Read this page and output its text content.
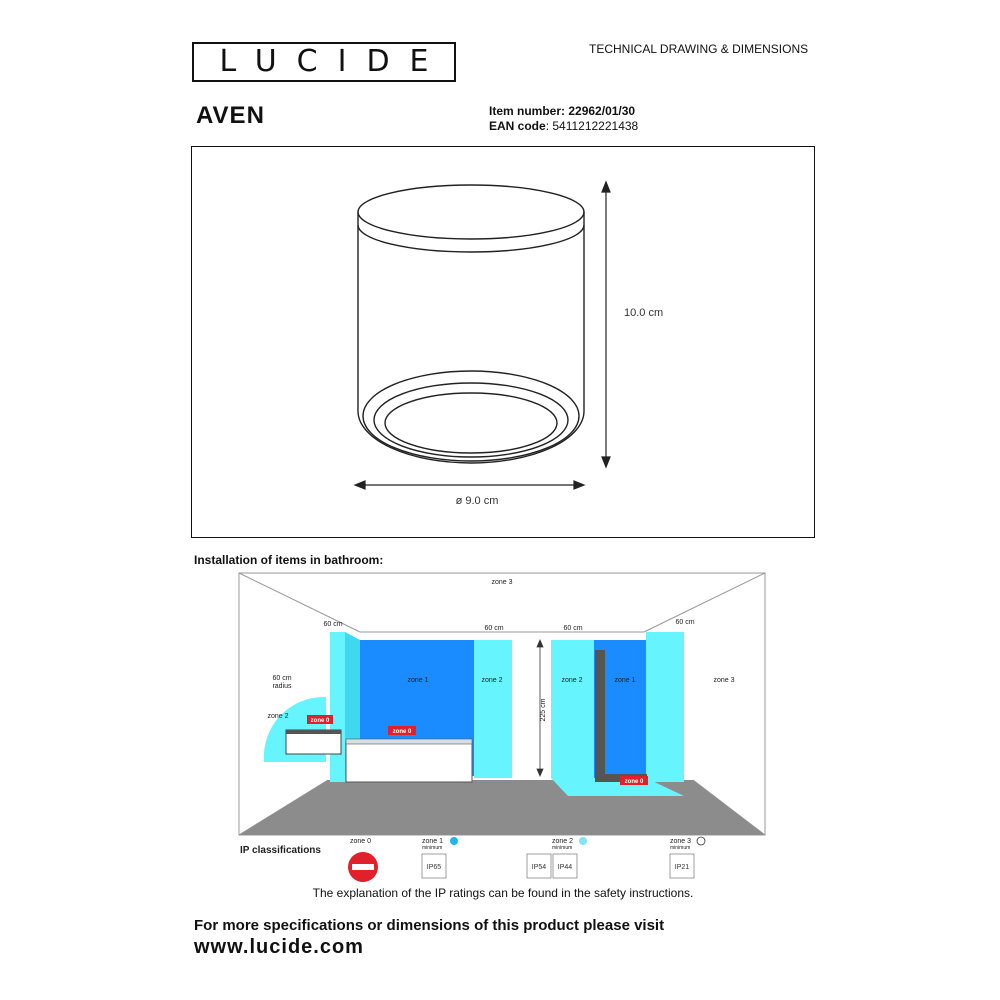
LUCIDE	TECHNICAL DRAWING & DIMENSIONS
AVEN	Item number: 22962/01/30
EAN code: 5411212221438
10.0 cm
ø 9.0 cm
Installation of items in bathroom:
zone 3
zone 3
60 cm
60 cm	60 cm
60 cm
60 cm
radius
zone 1	zone 2
zone 2
zone 2	zone 1
225 cm
zone 0
zone 0
zone 0
IP classifications
zone 0	zone 1	zone 2	zone 3
minimum	minimum	minimum
IP65	IP54 IP44	IP21
The explanation of the IP ratings can be found in the safety instructions.
For more specifications or dimensions of this product please visit
www.lucide.com
